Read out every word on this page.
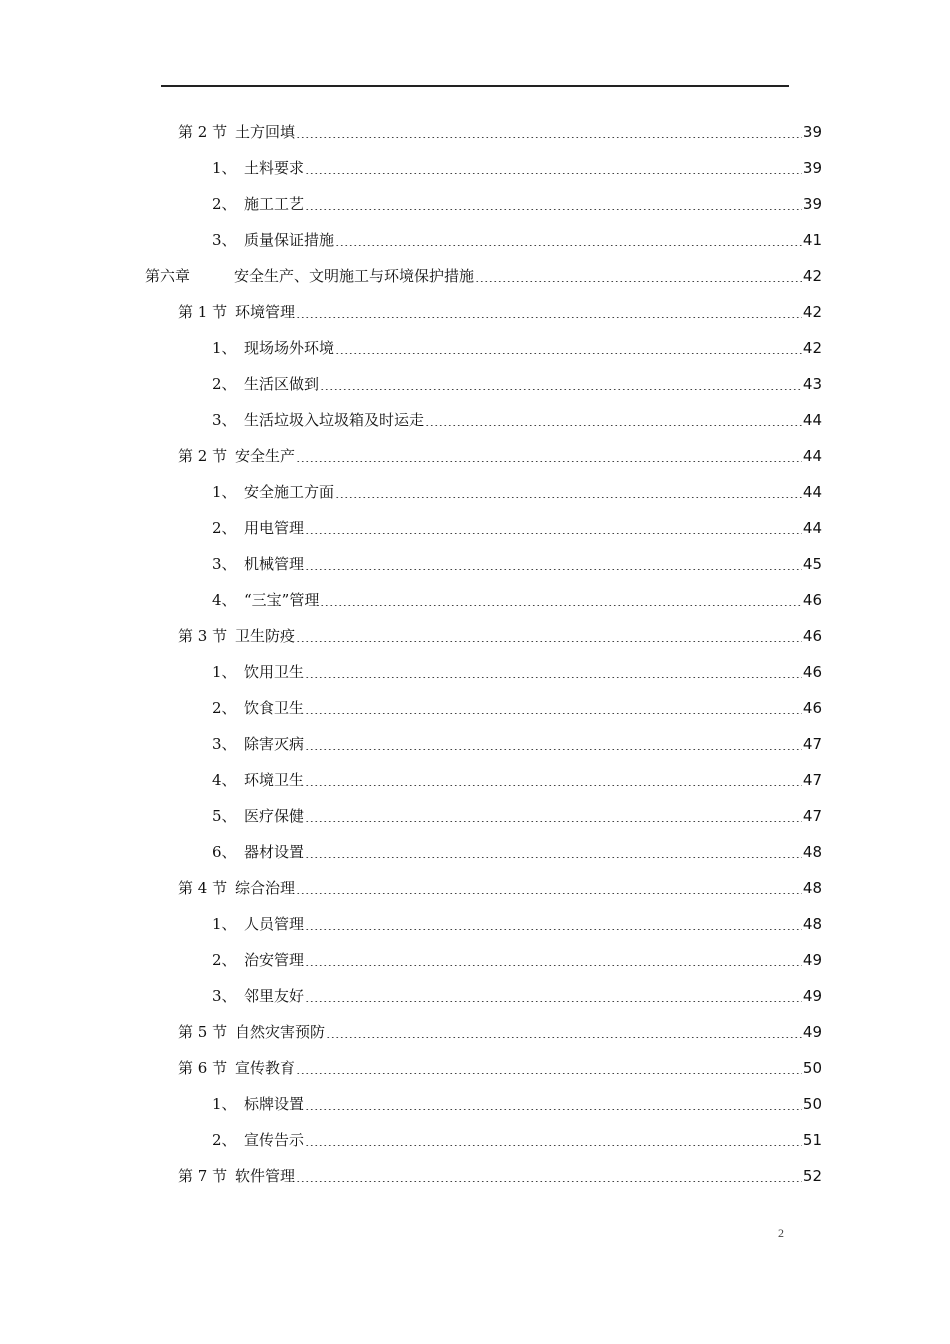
第 2 节 土方回填	39
1、 土料要求	39
2、 施工工艺	39
3、 质量保证措施	41
第六章	安全生产、文明施工与环境保护措施	42
第 1 节 环境管理	42
1、 现场场外环境	42
2、 生活区做到	43
3、 生活垃圾入垃圾箱及时运走	44
第 2 节 安全生产	44
1、 安全施工方面	44
2、 用电管理	44
3、 机械管理	45
4、 “三宝”管理	46
第 3 节 卫生防疫	46
1、 饮用卫生	46
2、 饮食卫生	46
3、 除害灭病	47
4、 环境卫生	47
5、 医疗保健	47
6、 器材设置	48
第 4 节 综合治理	48
1、 人员管理	48
2、 治安管理	49
3、 邻里友好	49
第 5 节 自然灾害预防	49
第 6 节 宣传教育	50
1、 标牌设置	50
2、 宣传告示	51
第 7 节 软件管理	52
2
